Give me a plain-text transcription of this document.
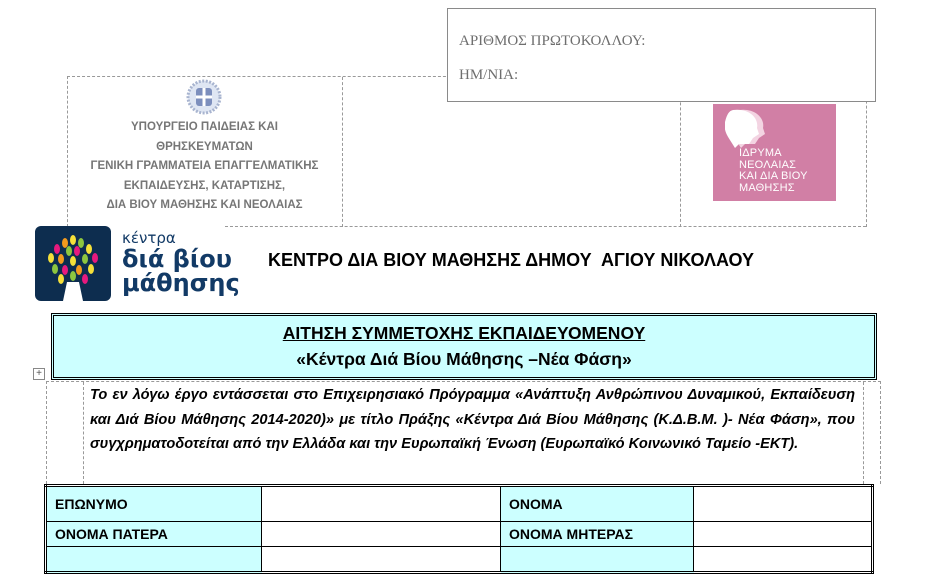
ΑΡΙΘΜΟΣ ΠΡΩΤΟΚΟΛΛΟΥ:
ΗΜ/ΝΙΑ:
ΥΠΟΥΡΓΕΙΟ ΠΑΙΔΕΙΑΣ ΚΑΙ
ΘΡΗΣΚΕΥΜΑΤΩΝ
ΓΕΝΙΚΗ ΓΡΑΜΜΑΤΕΙΑ ΕΠΑΓΓΕΛΜΑΤΙΚΗΣ
ΕΚΠΑΙΔΕΥΣΗΣ, ΚΑΤΑΡΤΙΣΗΣ,
ΔΙΑ ΒΙΟΥ ΜΑΘΗΣΗΣ ΚΑΙ ΝΕΟΛΑΙΑΣ
ΙΔΡΥΜΑ
ΝΕΟΛΑΙΑΣ
ΚΑΙ ΔΙΑ ΒΙΟΥ
ΜΑΘΗΣΗΣ
κέντρα
διά βίου
μάθησης
ΚΕΝΤΡΟ ΔΙΑ ΒΙΟΥ ΜΑΘΗΣΗΣ ΔΗΜΟΥ  ΑΓΙΟΥ ΝΙΚΟΛΑΟΥ
ΑΙΤΗΣΗ ΣΥΜΜΕΤΟΧΗΣ ΕΚΠΑΙΔΕΥΟΜΕΝΟΥ
«Κέντρα Διά Βίου Μάθησης –Νέα Φάση»
+
Το εν λόγω έργο εντάσσεται στο Επιχειρησιακό Πρόγραμμα «Ανάπτυξη Ανθρώπινου Δυναμικού, Εκπαίδευση και Διά Βίου Μάθησης 2014-2020)» με τίτλο Πράξης «Κέντρα Διά Βίου Μάθησης (Κ.Δ.Β.Μ. )- Νέα Φάση», που συγχρηματοδοτείται από την Ελλάδα και την Ευρωπαϊκή Ένωση (Ευρωπαϊκό Κοινωνικό Ταμείο -ΕΚΤ).
ΕΠΩΝΥΜΟ		ΟΝΟΜΑ	
ΟΝΟΜΑ ΠΑΤΕΡΑ		ΟΝΟΜΑ ΜΗΤΕΡΑΣ	
